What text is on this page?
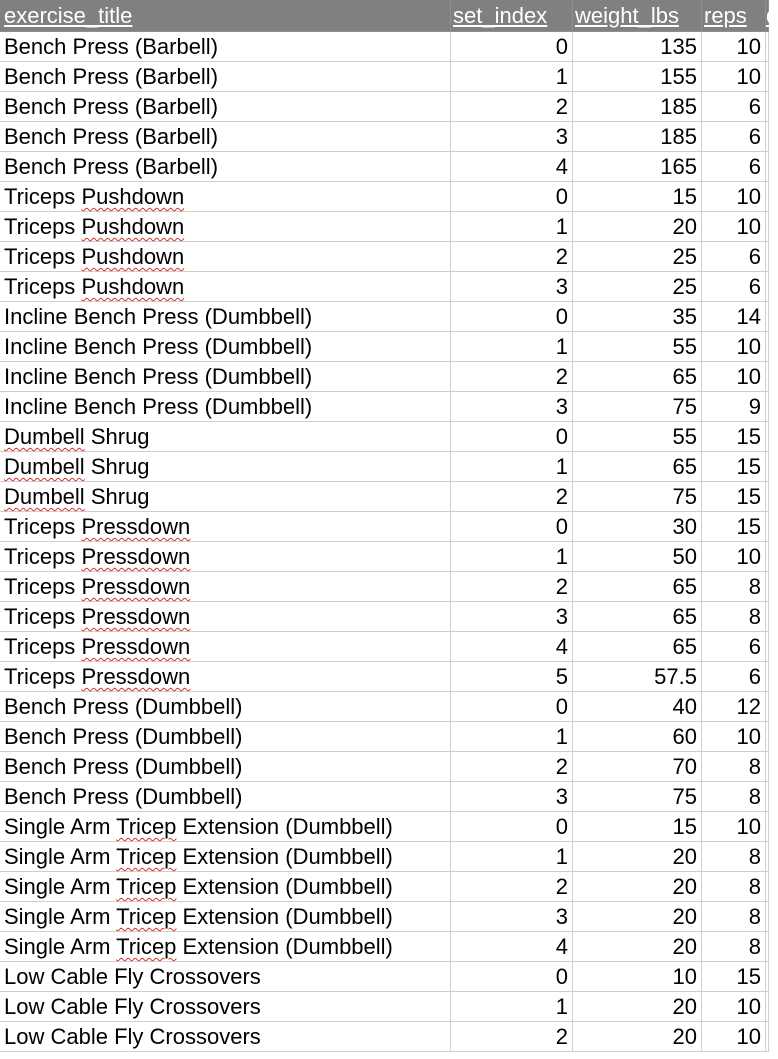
exercise_title	set_index	weight_lbs	reps d
Bench Press (Barbell)	0	135	10
Bench Press (Barbell)	1	155	10
Bench Press (Barbell)	2	185	6
Bench Press (Barbell)	3	185	6
Bench Press (Barbell)	4	165	6
Triceps Pushdown	0	15	10
Triceps Pushdown	1	20	10
Triceps Pushdown	2	25	6
Triceps Pushdown	3	25	6
Incline Bench Press (Dumbbell)	0	35	14
Incline Bench Press (Dumbbell)	1	55	10
Incline Bench Press (Dumbbell)	2	65	10
Incline Bench Press (Dumbbell)	3	75	9
Dumbell Shrug	0	55	15
Dumbell Shrug	1	65	15
Dumbell Shrug	2	75	15
Triceps Pressdown	0	30	15
Triceps Pressdown	1	50	10
Triceps Pressdown	2	65	8
Triceps Pressdown	3	65	8
Triceps Pressdown	4	65	6
Triceps Pressdown	5	57.5	6
Bench Press (Dumbbell)	0	40	12
Bench Press (Dumbbell)	1	60	10
Bench Press (Dumbbell)	2	70	8
Bench Press (Dumbbell)	3	75	8
Single Arm Tricep Extension (Dumbbell)	0	15	10
Single Arm Tricep Extension (Dumbbell)	1	20	8
Single Arm Tricep Extension (Dumbbell)	2	20	8
Single Arm Tricep Extension (Dumbbell)	3	20	8
Single Arm Tricep Extension (Dumbbell)	4	20	8
Low Cable Fly Crossovers	0	10	15
Low Cable Fly Crossovers	1	20	10
Low Cable Fly Crossovers	2	20	10
